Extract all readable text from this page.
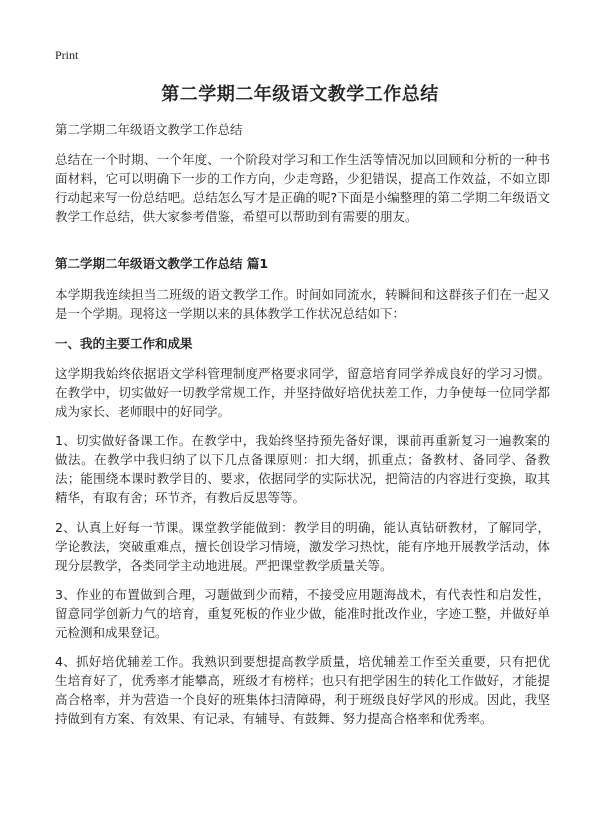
Print
第二学期二年级语文教学工作总结

第二学期二年级语文教学工作总结

总结在一个时期、一个年度、一个阶段对学习和工作生活等情况加以回顾和分析的一种书面材料，它可以明确下一步的工作方向，少走弯路，少犯错误，提高工作效益，不如立即行动起来写一份总结吧。总结怎么写才是正确的呢?下面是小编整理的第二学期二年级语文教学工作总结，供大家参考借鉴，希望可以帮助到有需要的朋友。

第二学期二年级语文教学工作总结 篇1

本学期我连续担当二班级的语文教学工作。时间如同流水，转瞬间和这群孩子们在一起又是一个学期。现将这一学期以来的具体教学工作状况总结如下：

一、我的主要工作和成果

这学期我始终依据语文学科管理制度严格要求同学，留意培育同学养成良好的学习习惯。在教学中，切实做好一切教学常规工作，并坚持做好培优扶差工作，力争使每一位同学都成为家长、老师眼中的好同学。

1、切实做好备课工作。在教学中，我始终坚持预先备好课，课前再重新复习一遍教案的做法。在教学中我归纳了以下几点备课原则：扣大纲，抓重点；备教材、备同学、备教法；能围绕本课时教学目的、要求，依据同学的实际状况，把简洁的内容进行变换，取其精华，有取有舍；环节齐，有教后反思等等。

2、认真上好每一节课。课堂教学能做到：教学目的明确，能认真钻研教材，了解同学，学论教法，突破重难点，擅长创设学习情境，激发学习热忱，能有序地开展教学活动，体现分层教学，各类同学主动地进展。严把课堂教学质量关等。

3、作业的布置做到合理，习题做到少而精，不接受应用题海战术，有代表性和启发性，留意同学创新力气的培育，重复死板的作业少做，能准时批改作业，字迹工整，并做好单元检测和成果登记。

4、抓好培优辅差工作。我熟识到要想提高教学质量，培优辅差工作至关重要，只有把优生培育好了，优秀率才能攀高，班级才有榜样；也只有把学困生的转化工作做好，才能提高合格率，并为营造一个良好的班集体扫清障碍，利于班级良好学风的形成。因此，我坚持做到有方案、有效果、有记录、有辅导、有鼓舞、努力提高合格率和优秀率。
